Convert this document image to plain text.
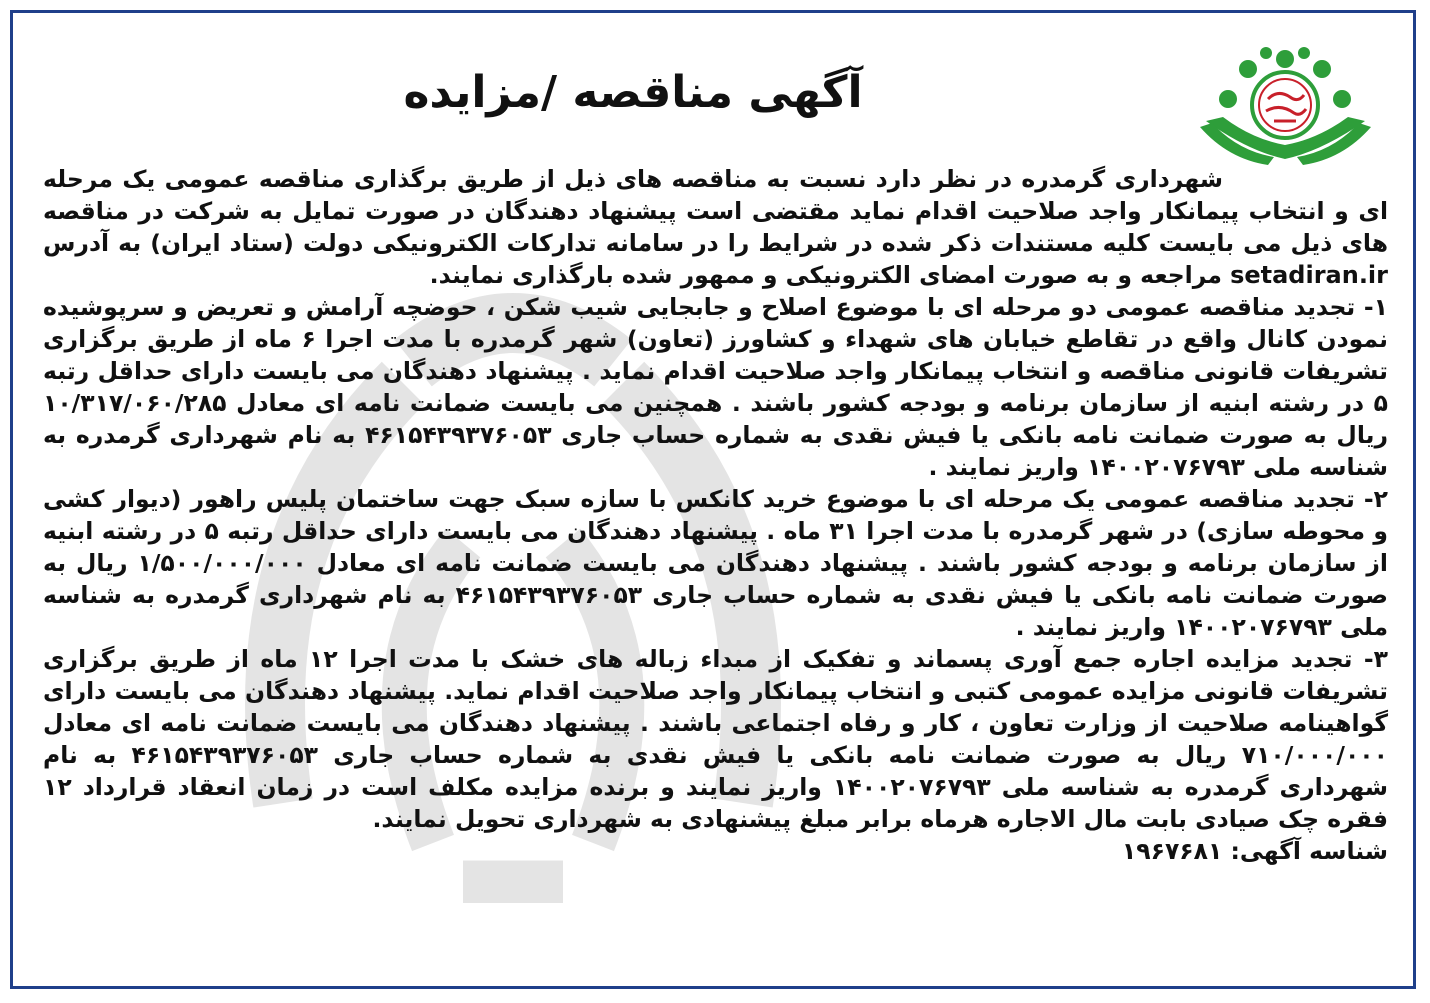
آگهی مناقصه /مزایده

شهرداری گرمدره در نظر دارد نسبت به مناقصه های ذیل از طریق برگذاری مناقصه عمومی یک مرحله ای و انتخاب پیمانکار واجد صلاحیت اقدام نماید مقتضی است پیشنهاد دهندگان در صورت تمایل به شرکت در مناقصه های ذیل می بایست کلیه مستندات ذکر شده در شرایط را در سامانه تدارکات الکترونیکی دولت (ستاد ایران) به آدرس setadiran.ir مراجعه و به صورت امضای الکترونیکی و ممهور شده بارگذاری نمایند.

۱- تجدید مناقصه عمومی دو مرحله ای با موضوع اصلاح و جابجایی شیب شکن ، حوضچه آرامش و تعریض و سرپوشیده نمودن کانال واقع در تقاطع خیابان های شهداء و کشاورز (تعاون) شهر گرمدره با مدت اجرا ۶ ماه از طریق برگزاری تشریفات قانونی مناقصه و انتخاب پیمانکار واجد صلاحیت اقدام نماید . پیشنهاد دهندگان می بایست دارای حداقل رتبه ۵ در رشته ابنیه از سازمان برنامه و بودجه کشور باشند . همچنین می بایست ضمانت نامه ای معادل ۱۰/۳۱۷/۰۶۰/۲۸۵ ریال به صورت ضمانت نامه بانکی یا فیش نقدی به شماره حساب جاری ۴۶۱۵۴۳۹۳۷۶۰۵۳ به نام شهرداری گرمدره به شناسه ملی ۱۴۰۰۲۰۷۶۷۹۳ واریز نمایند .

۲- تجدید مناقصه عمومی یک مرحله ای با موضوع خرید کانکس با سازه سبک جهت ساختمان پلیس راهور (دیوار کشی و محوطه سازی) در شهر گرمدره با مدت اجرا ۳۱ ماه . پیشنهاد دهندگان می بایست دارای حداقل رتبه ۵ در رشته ابنیه از سازمان برنامه و بودجه کشور باشند . پیشنهاد دهندگان می بایست ضمانت نامه ای معادل ۱/۵۰۰/۰۰۰/۰۰۰ ریال به صورت ضمانت نامه بانکی یا فیش نقدی به شماره حساب جاری ۴۶۱۵۴۳۹۳۷۶۰۵۳ به نام شهرداری گرمدره به شناسه ملی ۱۴۰۰۲۰۷۶۷۹۳ واریز نمایند .

۳- تجدید مزایده اجاره جمع آوری پسماند و تفکیک از مبداء زباله های خشک با مدت اجرا ۱۲ ماه از طریق برگزاری تشریفات قانونی مزایده عمومی کتبی و انتخاب پیمانکار واجد صلاحیت اقدام نماید. پیشنهاد دهندگان می بایست دارای گواهینامه صلاحیت از وزارت تعاون ، کار و رفاه اجتماعی باشند . پیشنهاد دهندگان می بایست ضمانت نامه ای معادل ۷۱۰/۰۰۰/۰۰۰ ریال به صورت ضمانت نامه بانکی یا فیش نقدی به شماره حساب جاری ۴۶۱۵۴۳۹۳۷۶۰۵۳ به نام شهرداری گرمدره به شناسه ملی ۱۴۰۰۲۰۷۶۷۹۳ واریز نمایند و برنده مزایده مکلف است در زمان انعقاد قرارداد ۱۲ فقره چک صیادی بابت مال الاجاره هرماه برابر مبلغ پیشنهادی به شهرداری تحویل نمایند.

شناسه آگهی: ۱۹۶۷۶۸۱
